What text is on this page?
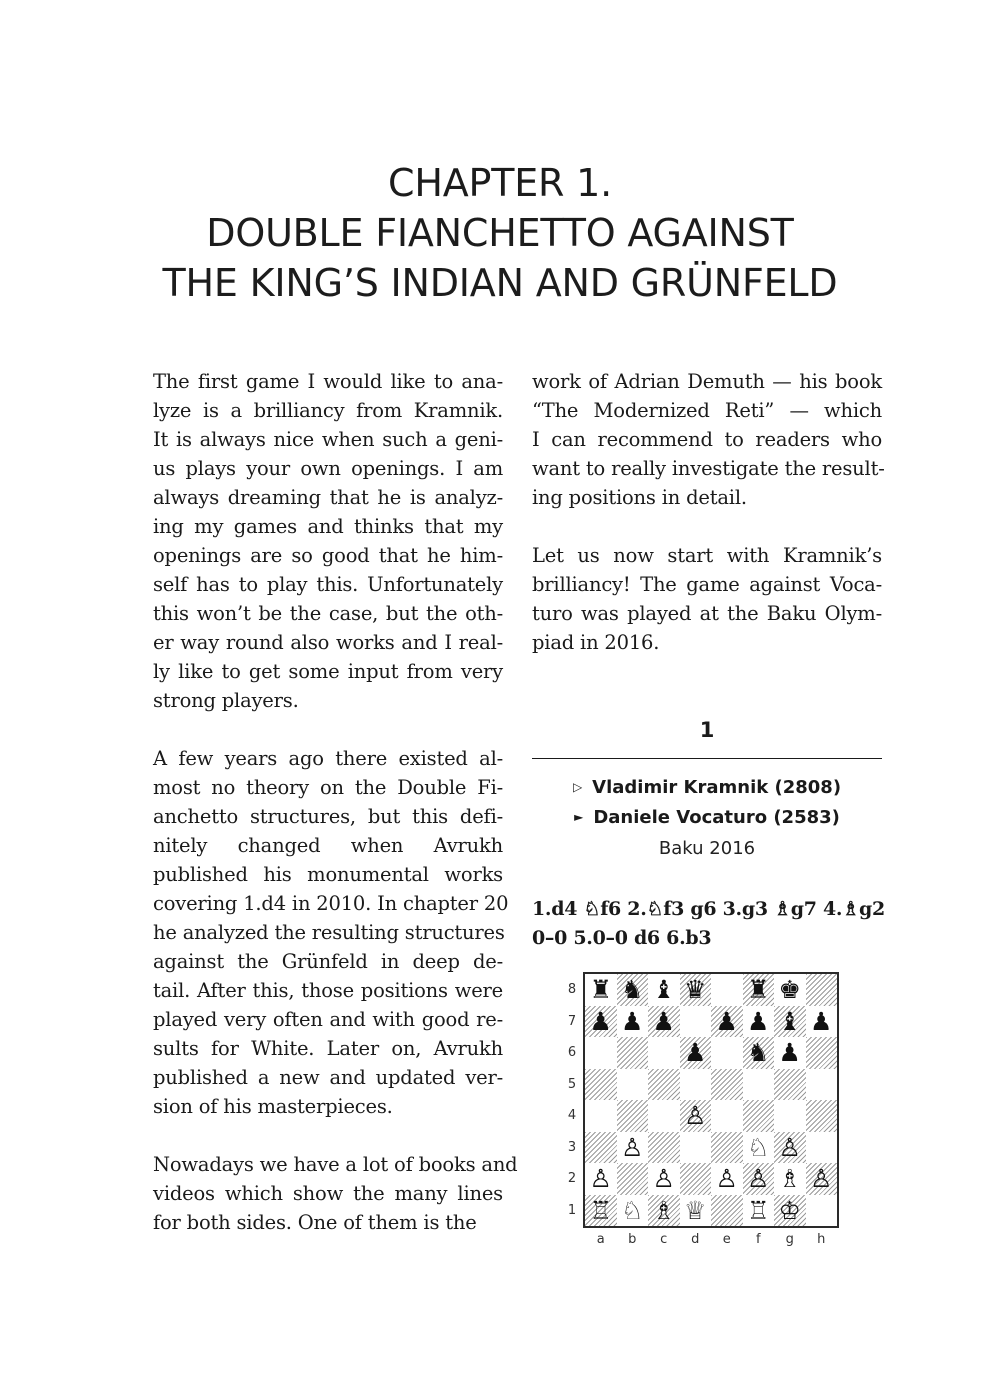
CHAPTER 1.
DOUBLE FIANCHETTO AGAINST
THE KING’S INDIAN AND GRÜNFELD
The first game I would like to ana-
lyze is a brilliancy from Kramnik.
It is always nice when such a geni-
us plays your own openings. I am
always dreaming that he is analyz-
ing my games and thinks that my
openings are so good that he him-
self has to play this. Unfortunately
this won’t be the case, but the oth-
er way round also works and I real-
ly like to get some input from very
strong players.
A few years ago there existed al-
most no theory on the Double Fi-
anchetto structures, but this defi-
nitely changed when Avrukh
published his monumental works
covering 1.d4 in 2010. In chapter 20
he analyzed the resulting structures
against the Grünfeld in deep de-
tail. After this, those positions were
played very often and with good re-
sults for White. Later on, Avrukh
published a new and updated ver-
sion of his masterpieces.
Nowadays we have a lot of books and
videos which show the many lines
for both sides. One of them is the
work of Adrian Demuth — his book
“The Modernized Reti” — which
I can recommend to readers who
want to really investigate the result-
ing positions in detail.
Let us now start with Kramnik’s
brilliancy! The game against Voca-
turo was played at the Baku Olym-
piad in 2016.
1
▷ Vladimir Kramnik (2808)
► Daniele Vocaturo (2583)
Baku 2016
1.d4 ♘f6 2.♘f3 g6 3.g3 ♗g7 4.♗g2
0–0 5.0–0 d6 6.b3
♜ ♞ ♝ ♛ ♜ ♚
♟ ♟ ♟ ♟ ♟ ♝ ♟
♟ ♞ ♟
♙
♙	♘ ♙
♙ ♙ ♙ ♙ ♗ ♙
♖ ♘ ♗ ♕ ♖ ♔
8
7
6
5
4
3
2
1
a b c d e	f	g h
